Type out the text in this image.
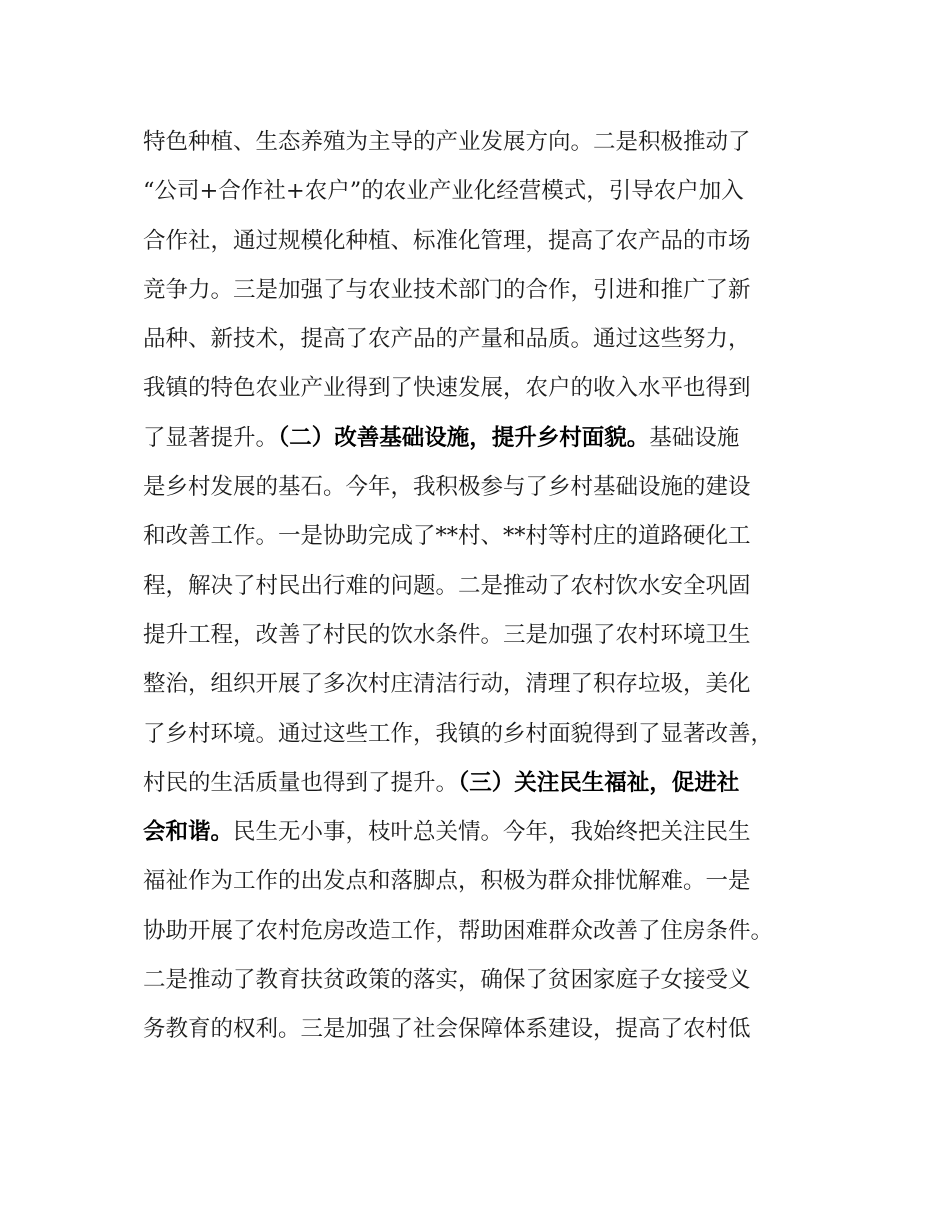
特色种植、生态养殖为主导的产业发展方向。二是积极推动了
“公司+合作社+农户”的农业产业化经营模式，引导农户加入
合作社，通过规模化种植、标准化管理，提高了农产品的市场
竞争力。三是加强了与农业技术部门的合作，引进和推广了新
品种、新技术，提高了农产品的产量和品质。通过这些努力，
我镇的特色农业产业得到了快速发展，农户的收入水平也得到
了显著提升。（二）改善基础设施，提升乡村面貌。基础设施
是乡村发展的基石。今年，我积极参与了乡村基础设施的建设
和改善工作。一是协助完成了**村、**村等村庄的道路硬化工
程，解决了村民出行难的问题。二是推动了农村饮水安全巩固
提升工程，改善了村民的饮水条件。三是加强了农村环境卫生
整治，组织开展了多次村庄清洁行动，清理了积存垃圾，美化
了乡村环境。通过这些工作，我镇的乡村面貌得到了显著改善，
村民的生活质量也得到了提升。（三）关注民生福祉，促进社
会和谐。民生无小事，枝叶总关情。今年，我始终把关注民生
福祉作为工作的出发点和落脚点，积极为群众排忧解难。一是
协助开展了农村危房改造工作，帮助困难群众改善了住房条件。
二是推动了教育扶贫政策的落实，确保了贫困家庭子女接受义
务教育的权利。三是加强了社会保障体系建设，提高了农村低
